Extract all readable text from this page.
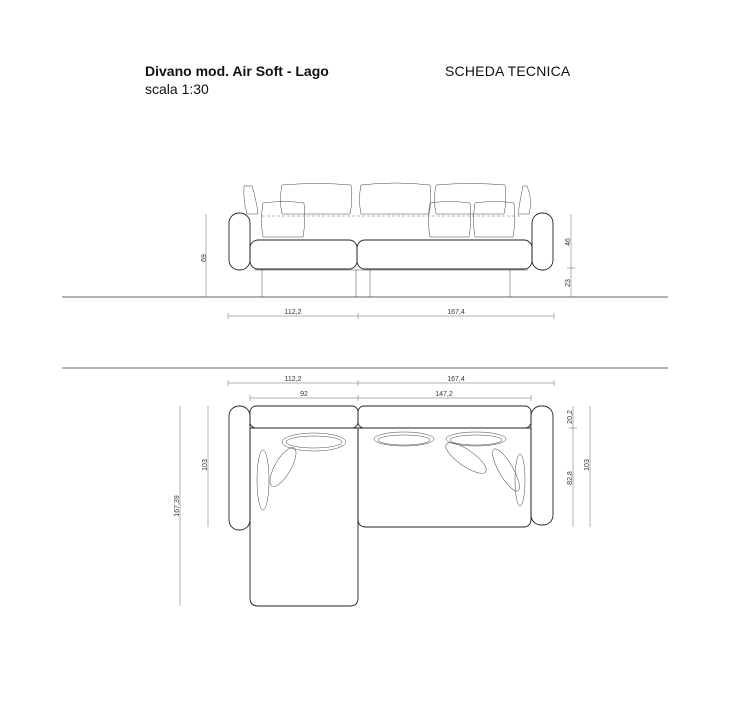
Divano mod. Air Soft - Lago
scala 1:30
SCHEDA TECNICA
69
46
23
112,2	167,4
112,2	167,4
92	147,2
167,39
103
20,2
82,8
103
